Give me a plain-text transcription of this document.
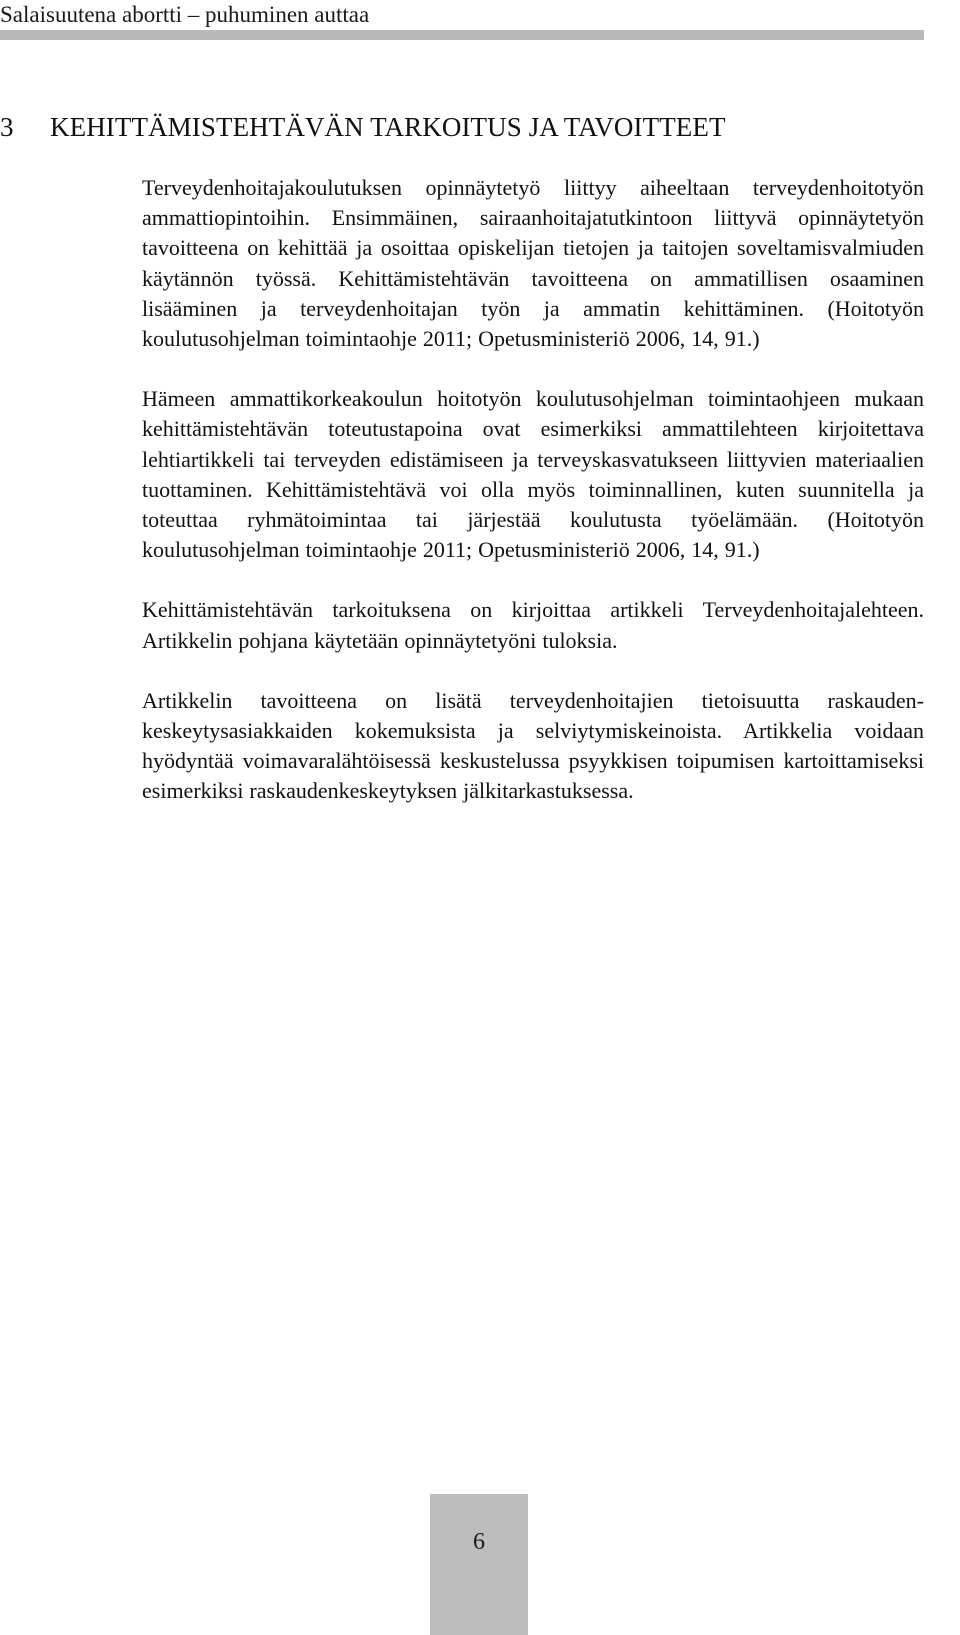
Salaisuutena abortti – puhuminen auttaa
3 KEHITTÄMISTEHTÄVÄN TARKOITUS JA TAVOITTEET

Terveydenhoitajakoulutuksen opinnäytetyö liittyy aiheeltaan terveydenhoitotyön ammattiopintoihin. Ensimmäinen, sairaanhoitajatutkintoon liittyvä opinnäytetyön tavoitteena on kehittää ja osoittaa opiskelijan tietojen ja taitojen soveltamisvalmiuden käytännön työssä. Kehittämistehtävän tavoitteena on ammatillisen osaaminen lisääminen ja terveydenhoitajan työn ja ammatin kehittäminen. (Hoitotyön koulutusohjelman toimintaohje 2011; Opetusministeriö 2006, 14, 91.)

Hämeen ammattikorkeakoulun hoitotyön koulutusohjelman toimintaohjeen mukaan kehittämistehtävän toteutustapoina ovat esimerkiksi ammattilehteen kirjoitettava lehtiartikkeli tai terveyden edistämiseen ja terveyskasvatukseen liittyvien materiaalien tuottaminen. Kehittämistehtävä voi olla myös toiminnallinen, kuten suunnitella ja toteuttaa ryhmätoimintaa tai järjestää koulutusta työelämään. (Hoitotyön koulutusohjelman toimintaohje 2011; Opetusministeriö 2006, 14, 91.)

Kehittämistehtävän tarkoituksena on kirjoittaa artikkeli Terveydenhoitajalehteen. Artikkelin pohjana käytetään opinnäytetyöni tuloksia.

Artikkelin tavoitteena on lisätä terveydenhoitajien tietoisuutta raskaudenkeskeytysasiakkaiden kokemuksista ja selviytymiskeinoista. Artikkelia voidaan hyödyntää voimavaralähtöisessä keskustelussa psyykkisen toipumisen kartoittamiseksi esimerkiksi raskaudenkeskeytyksen jälkitarkastuksessa.

6
